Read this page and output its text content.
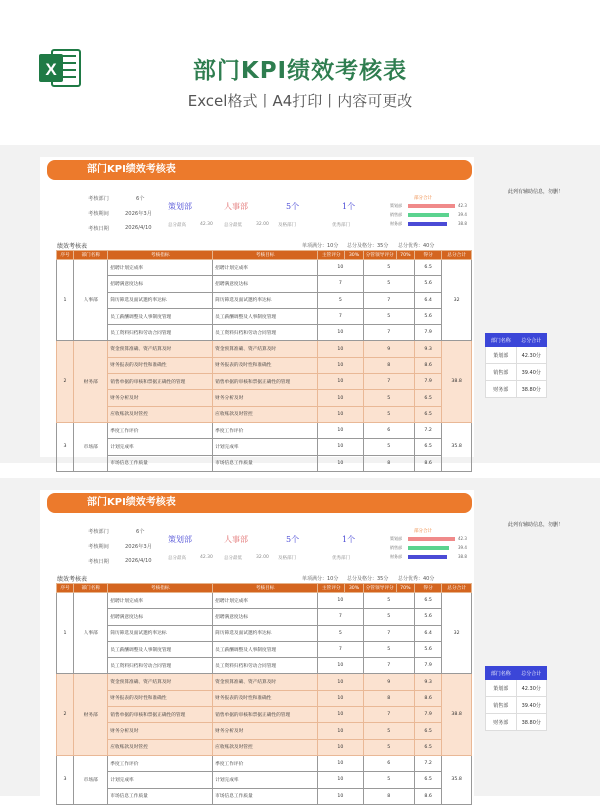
X	部门KPI绩效考核表
Excel格式丨A4打印丨内容可更改
部门KPI绩效考核表
考核部门	6个
考核期间	2026年3月
考核日期	2026/4/10
策划部
总分最高	42.30
人事部
总分最低	32.00
5个
及格部门
1个
优秀部门
部分合计
策划部	42.3
销售部	39.4
财务部	38.8
绩效考核表	单项满分：10分 总分及格分：35分 总分优秀：40分
序号	部门名称	考核指标	考核目标	主管评分	30%	分管领导评分	70%	得分	总分合计
1	人事部	招聘计划完成率	招聘计划完成率	10		5		6.5	32
		招聘满意度达标	招聘满意度达标	7		5		5.6	
		简历筛选及面试邀约率达标	简历筛选及面试邀约率达标	5		7		6.4	
		员工薪酬调整及人事制度管理	员工薪酬调整及人事制度管理	7		5		5.6	
		员工资料归档和劳动合同管理	员工资料归档和劳动合同管理	10		7		7.9	
2	财务部	资金预算准确、资产结算及时	资金预算准确、资产结算及时	10		9		9.3	38.8
		财务报表的及时性和准确性	财务报表的及时性和准确性	10		8		8.6	
		销售单据的审核和票据正确性的管理	销售单据的审核和票据正确性的管理	10		7		7.9	
		财务分析及时	财务分析及时	10		5		6.5	
		应收账款及时管控	应收账款及时管控	10		5		6.5	
3	市场部	季度工作评价	季度工作评价	10		6		7.2	35.8
		计划完成率	计划完成率	10		5		6.5	
		市场信息工作质量	市场信息工作质量	10		8		8.6	
部门KPI绩效考核表
考核部门	6个
考核期间	2026年3月
考核日期	2026/4/10
策划部
总分最高	42.30
人事部
总分最低	32.00
5个
及格部门
1个
优秀部门
部分合计
策划部	42.3
销售部	39.4
财务部	38.8
绩效考核表	单项满分：10分 总分及格分：35分 总分优秀：40分
序号	部门名称	考核指标	考核目标	主管评分	30%	分管领导评分	70%	得分	总分合计
1	人事部	招聘计划完成率	招聘计划完成率	10		5		6.5	32
		招聘满意度达标	招聘满意度达标	7		5		5.6	
		简历筛选及面试邀约率达标	简历筛选及面试邀约率达标	5		7		6.4	
		员工薪酬调整及人事制度管理	员工薪酬调整及人事制度管理	7		5		5.6	
		员工资料归档和劳动合同管理	员工资料归档和劳动合同管理	10		7		7.9	
2	财务部	资金预算准确、资产结算及时	资金预算准确、资产结算及时	10		9		9.3	38.8
		财务报表的及时性和准确性	财务报表的及时性和准确性	10		8		8.6	
		销售单据的审核和票据正确性的管理	销售单据的审核和票据正确性的管理	10		7		7.9	
		财务分析及时	财务分析及时	10		5		6.5	
		应收账款及时管控	应收账款及时管控	10		5		6.5	
3	市场部	季度工作评价	季度工作评价	10		6		7.2	35.8
		计划完成率	计划完成率	10		5		6.5	
		市场信息工作质量	市场信息工作质量	10		8		8.6	
此列有辅助信息，勿删！
部门名称	总分合计
策划部	42.30分
销售部	39.40分
财务部	38.80分
此列有辅助信息，勿删！
部门名称	总分合计
策划部	42.30分
销售部	39.40分
财务部	38.80分
